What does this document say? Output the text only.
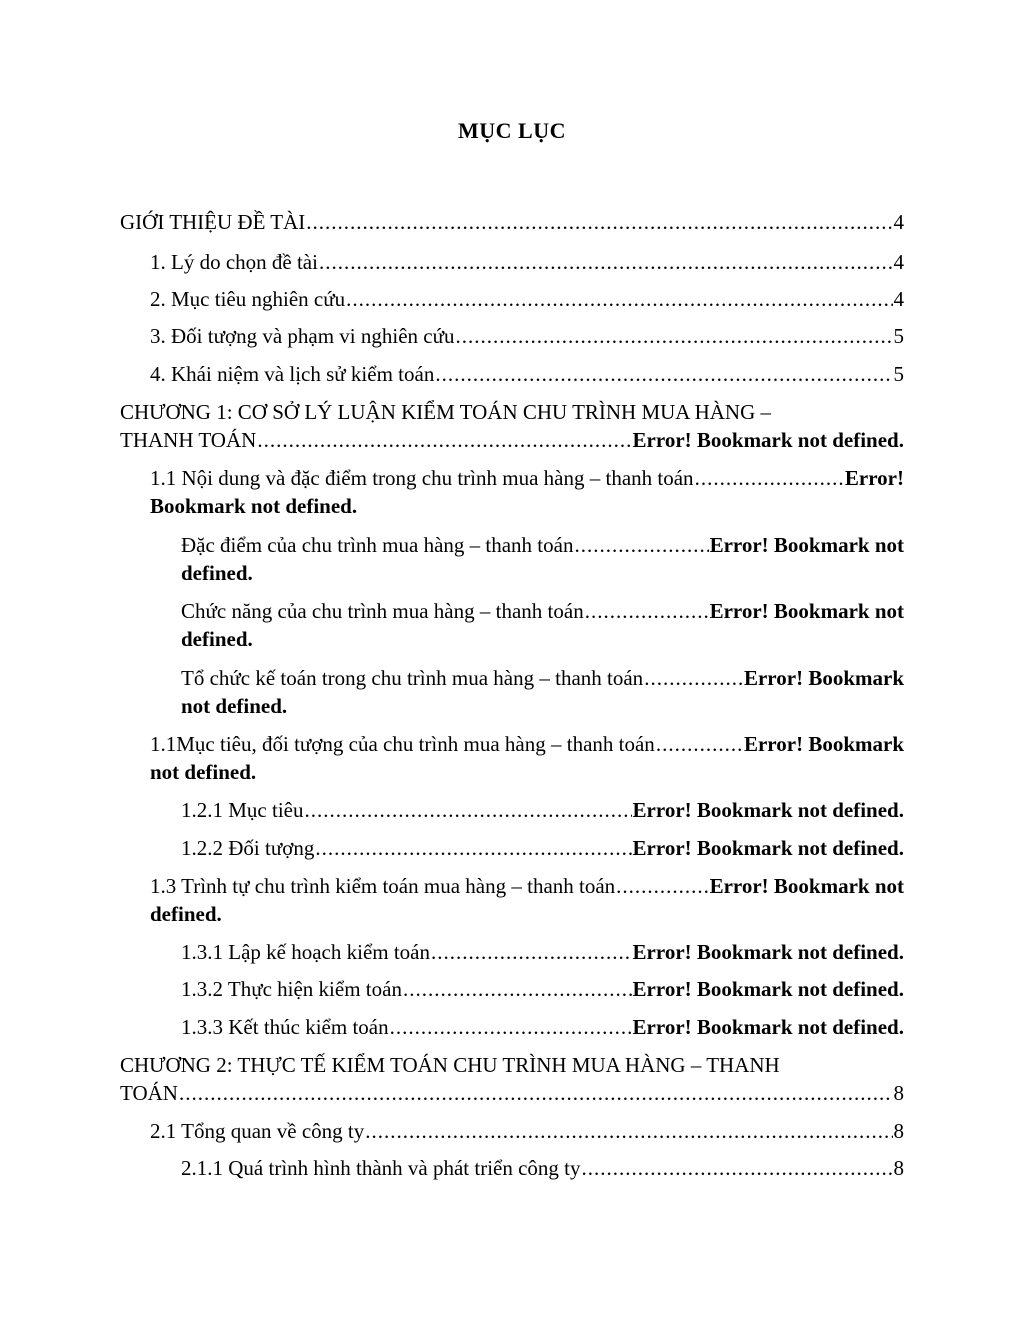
MỤC LỤC
GIỚI THIỆU ĐỀ TÀI .....	4
1. Lý do chọn đề tài .....	4
2. Mục tiêu nghiên cứu .....	4
3. Đối tượng và phạm vi nghiên cứu .....	5
4. Khái niệm và lịch sử kiểm toán .....	5
CHƯƠNG 1: CƠ SỞ LÝ LUẬN KIỂM TOÁN CHU TRÌNH MUA HÀNG –
THANH TOÁN .....	Error! Bookmark not defined.
1.1 Nội dung và đặc điểm trong chu trình mua hàng – thanh toán .....	Error!
Bookmark not defined.
Đặc điểm của chu trình mua hàng – thanh toán .....	Error! Bookmark not
defined.
Chức năng của chu trình mua hàng – thanh toán .....	Error! Bookmark not
defined.
Tổ chức kế toán trong chu trình mua hàng – thanh toán .....	Error! Bookmark
not defined.
1.1Mục tiêu, đối tượng của chu trình mua hàng – thanh toán .....	Error! Bookmark
not defined.
1.2.1 Mục tiêu .....	Error! Bookmark not defined.
1.2.2 Đối tượng .....	Error! Bookmark not defined.
1.3 Trình tự chu trình kiểm toán mua hàng – thanh toán .....	Error! Bookmark not
defined.
1.3.1 Lập kế hoạch kiểm toán .....	Error! Bookmark not defined.
1.3.2 Thực hiện kiểm toán .....	Error! Bookmark not defined.
1.3.3 Kết thúc kiểm toán .....	Error! Bookmark not defined.
CHƯƠNG 2: THỰC TẾ KIỂM TOÁN CHU TRÌNH MUA HÀNG – THANH
TOÁN .....	8
2.1 Tổng quan về công ty .....	8
2.1.1 Quá trình hình thành và phát triển công ty .....	8
